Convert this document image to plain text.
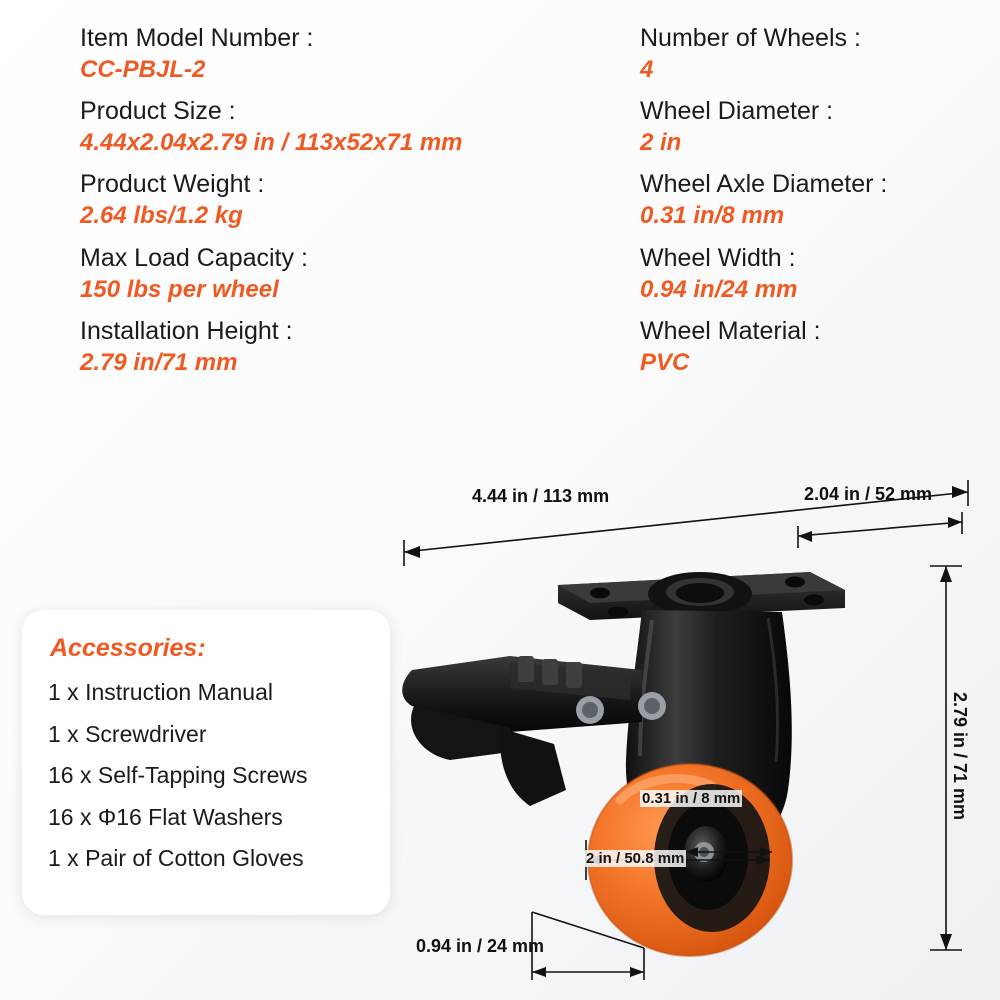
Item Model Number :
CC-PBJL-2
Product Size :
4.44x2.04x2.79 in / 113x52x71 mm
Product Weight :
2.64 lbs/1.2 kg
Max Load Capacity :
150 lbs per wheel
Installation Height :
2.79 in/71 mm
Number of Wheels :
4
Wheel Diameter :
2 in
Wheel Axle Diameter :
0.31 in/8 mm
Wheel Width :
0.94 in/24 mm
Wheel Material :
PVC
Accessories:
1 x Instruction Manual
1 x Screwdriver
16 x Self-Tapping Screws
16 x Φ16 Flat Washers
1 x Pair of Cotton Gloves
4.44 in / 113 mm	2.04 in / 52 mm
2.79 in / 71 mm
0.94 in / 24 mm
0.31 in / 8 mm
2 in / 50.8 mm
